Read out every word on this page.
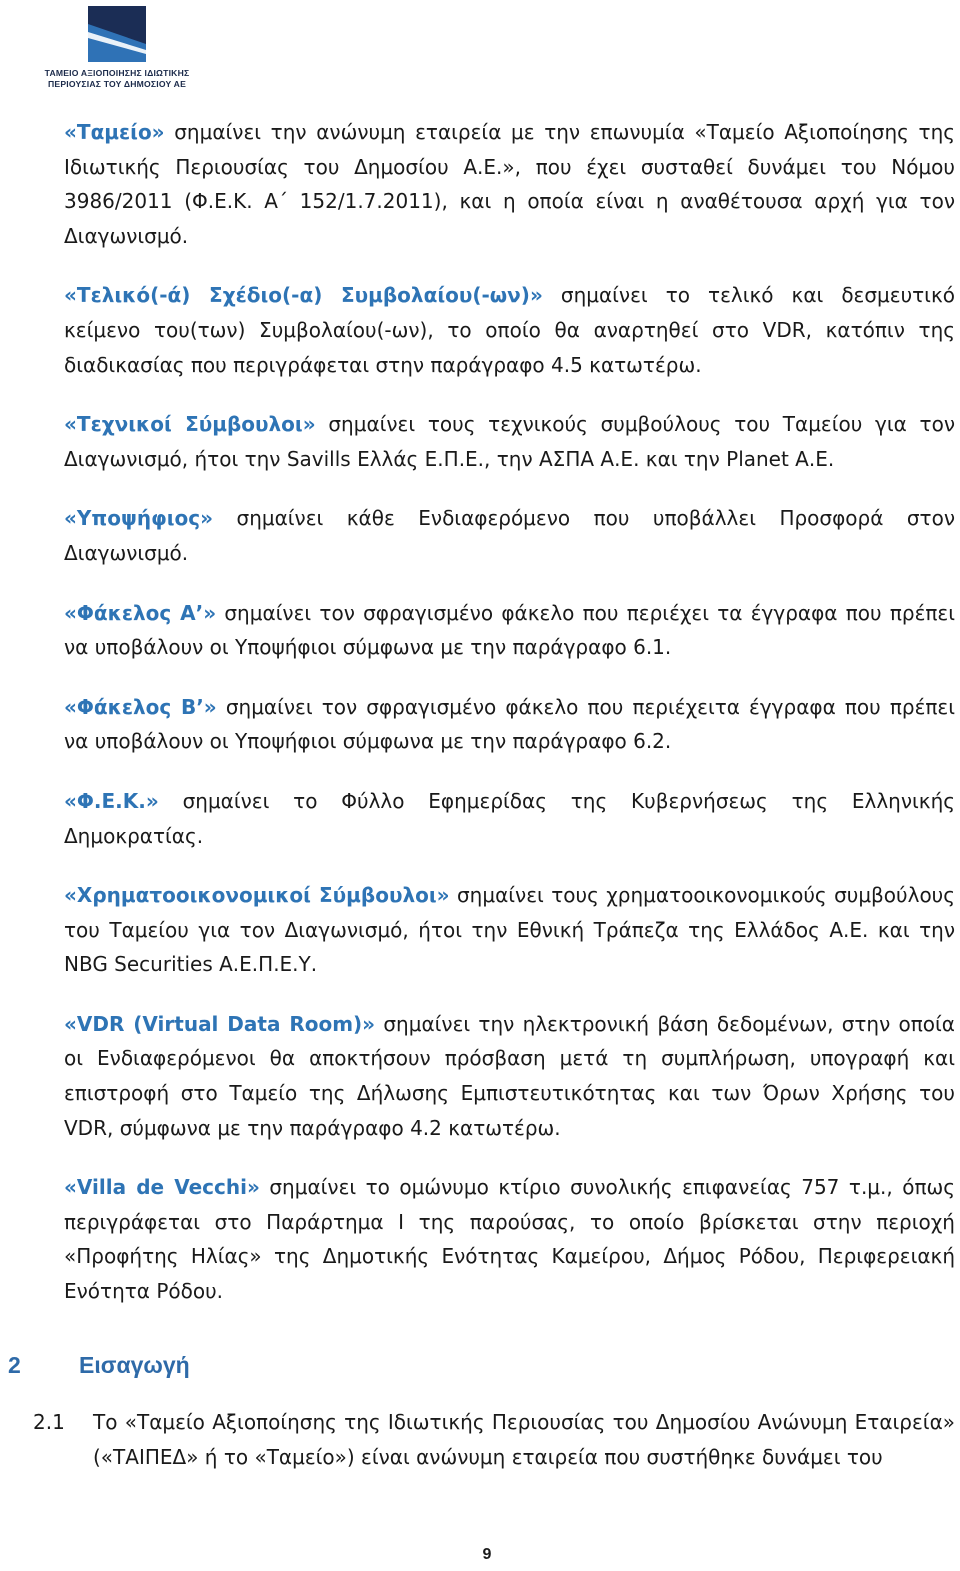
ΤΑΜΕΙΟ ΑΞΙΟΠΟΙΗΣΗΣ ΙΔΙΩΤΙΚΗΣ
ΠΕΡΙΟΥΣΙΑΣ ΤΟΥ ΔΗΜΟΣΙΟΥ ΑΕ

«Ταμείο» σημαίνει την ανώνυμη εταιρεία με την επωνυμία «Ταμείο Αξιοποίησης της Ιδιωτικής Περιουσίας του Δημοσίου Α.Ε.», που έχει συσταθεί δυνάμει του Νόμου 3986/2011 (Φ.Ε.Κ. Α΄ 152/1.7.2011), και η οποία είναι η αναθέτουσα αρχή για τον Διαγωνισμό.

«Τελικό(-ά) Σχέδιο(-α) Συμβολαίου(-ων)» σημαίνει το τελικό και δεσμευτικό κείμενο του(των) Συμβολαίου(-ων), το οποίο θα αναρτηθεί στο VDR, κατόπιν της διαδικασίας που περιγράφεται στην παράγραφο 4.5 κατωτέρω.

«Τεχνικοί Σύμβουλοι» σημαίνει τους τεχνικούς συμβούλους του Ταμείου για τον Διαγωνισμό, ήτοι την Savills Ελλάς Ε.Π.Ε., την ΑΣΠΑ Α.Ε. και την Planet Α.Ε.

«Υποψήφιος» σημαίνει κάθε Ενδιαφερόμενο που υποβάλλει Προσφορά στον Διαγωνισμό.

«Φάκελος Α’» σημαίνει τον σφραγισμένο φάκελο που περιέχει τα έγγραφα που πρέπει να υποβάλουν οι Υποψήφιοι σύμφωνα με την παράγραφο 6.1.

«Φάκελος Β’» σημαίνει τον σφραγισμένο φάκελο που περιέχειτα έγγραφα που πρέπει να υποβάλουν οι Υποψήφιοι σύμφωνα με την παράγραφο 6.2.

«Φ.Ε.Κ.» σημαίνει το Φύλλο Εφημερίδας της Κυβερνήσεως της Ελληνικής Δημοκρατίας.

«Χρηματοοικονομικοί Σύμβουλοι» σημαίνει τους χρηματοοικονομικούς συμβούλους του Ταμείου για τον Διαγωνισμό, ήτοι την Εθνική Τράπεζα της Ελλάδος Α.Ε. και την NBG Securities Α.Ε.Π.Ε.Υ.

«VDR (Virtual Data Room)» σημαίνει την ηλεκτρονική βάση δεδομένων, στην οποία οι Ενδιαφερόμενοι θα αποκτήσουν πρόσβαση μετά τη συμπλήρωση, υπογραφή και επιστροφή στο Ταμείο της Δήλωσης Εμπιστευτικότητας και των Όρων Χρήσης του VDR, σύμφωνα με την παράγραφο 4.2 κατωτέρω.

«Villa de Vecchi» σημαίνει το ομώνυμο κτίριο συνολικής επιφανείας 757 τ.μ., όπως περιγράφεται στο Παράρτημα Ι της παρούσας, το οποίο βρίσκεται στην περιοχή «Προφήτης Ηλίας» της Δημοτικής Ενότητας Καμείρου, Δήμος Ρόδου, Περιφερειακή Ενότητα Ρόδου.

2	Εισαγωγή
2.1 Το «Ταμείο Αξιοποίησης της Ιδιωτικής Περιουσίας του Δημοσίου Ανώνυμη Εταιρεία» («ΤΑΙΠΕΔ» ή το «Ταμείο») είναι ανώνυμη εταιρεία που συστήθηκε δυνάμει του

9
